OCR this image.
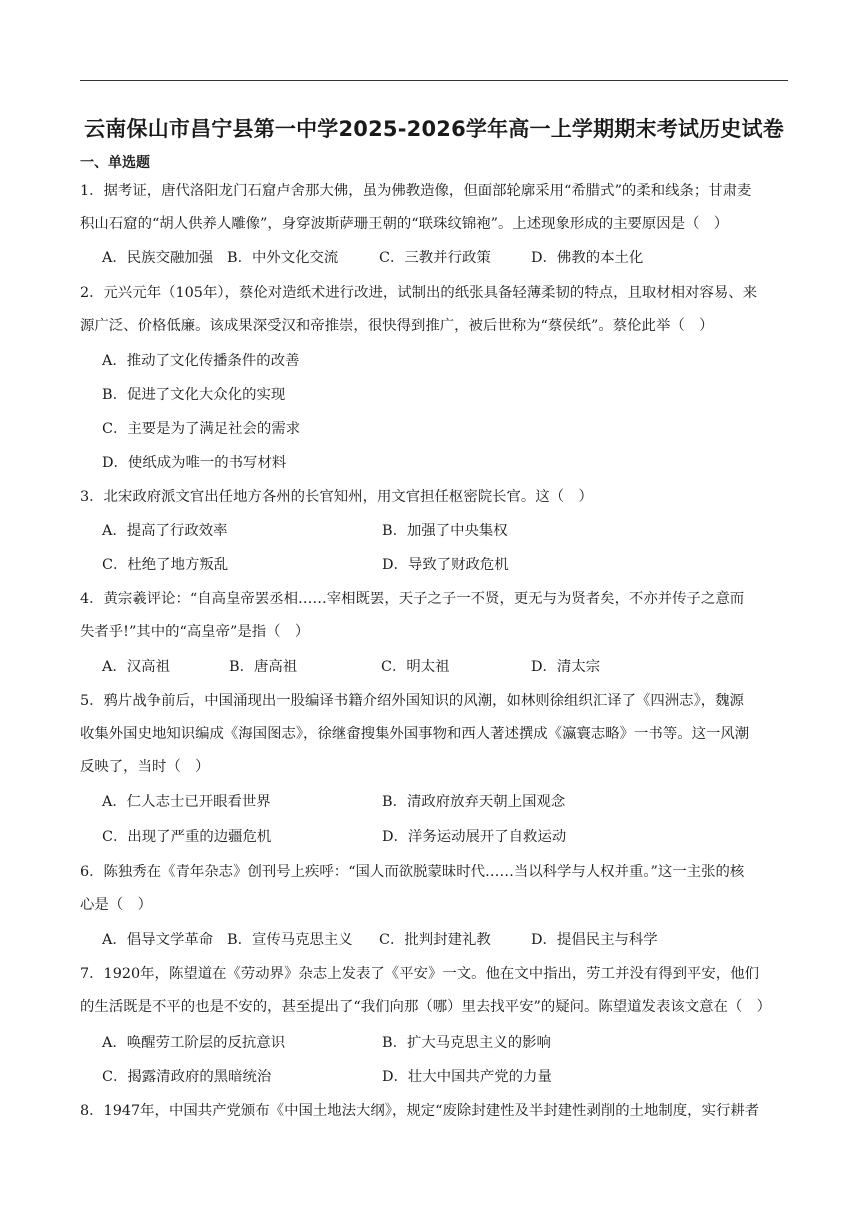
云南保山市昌宁县第一中学2025-2026学年高一上学期期末考试历史试卷
一、单选题
1．据考证，唐代洛阳龙门石窟卢舍那大佛，虽为佛教造像，但面部轮廓采用“希腊式”的柔和线条；甘肃麦
积山石窟的“胡人供养人雕像”，身穿波斯萨珊王朝的“联珠纹锦袍”。上述现象形成的主要原因是（　）
A．民族交融加强 B．中外文化交流	C．三教并行政策	D．佛教的本土化
2．元兴元年（105年），蔡伦对造纸术进行改进，试制出的纸张具备轻薄柔韧的特点，且取材相对容易、来
源广泛、价格低廉。该成果深受汉和帝推崇，很快得到推广，被后世称为“蔡侯纸”。蔡伦此举（　）
A．推动了文化传播条件的改善
B．促进了文化大众化的实现
C．主要是为了满足社会的需求
D．使纸成为唯一的书写材料
3．北宋政府派文官出任地方各州的长官知州，用文官担任枢密院长官。这（　）
A．提高了行政效率	B．加强了中央集权
C．杜绝了地方叛乱	D．导致了财政危机
4．黄宗羲评论：“自高皇帝罢丞相……宰相既罢，天子之子一不贤，更无与为贤者矣，不亦并传子之意而
失者乎!”其中的“高皇帝”是指（　）
A．汉高祖	B．唐高祖	C．明太祖	D．清太宗
5．鸦片战争前后，中国涌现出一股编译书籍介绍外国知识的风潮，如林则徐组织汇译了《四洲志》，魏源
收集外国史地知识编成《海国图志》，徐继畲搜集外国事物和西人著述撰成《瀛寰志略》一书等。这一风潮
反映了，当时（　）
A．仁人志士已开眼看世界	B．清政府放弃天朝上国观念
C．出现了严重的边疆危机	D．洋务运动展开了自救运动
6．陈独秀在《青年杂志》创刊号上疾呼：“国人而欲脱蒙昧时代……当以科学与人权并重。”这一主张的核
心是（　）
A．倡导文学革命 B．宣传马克思主义 C．批判封建礼教	D．提倡民主与科学
7．1920年，陈望道在《劳动界》杂志上发表了《平安》一文。他在文中指出，劳工并没有得到平安，他们
的生活既是不平的也是不安的，甚至提出了“我们向那（哪）里去找平安”的疑问。陈望道发表该文意在（　）
A．唤醒劳工阶层的反抗意识	B．扩大马克思主义的影响
C．揭露清政府的黑暗统治	D．壮大中国共产党的力量
8．1947年，中国共产党颁布《中国土地法大纲》，规定“废除封建性及半封建性剥削的土地制度，实行耕者
